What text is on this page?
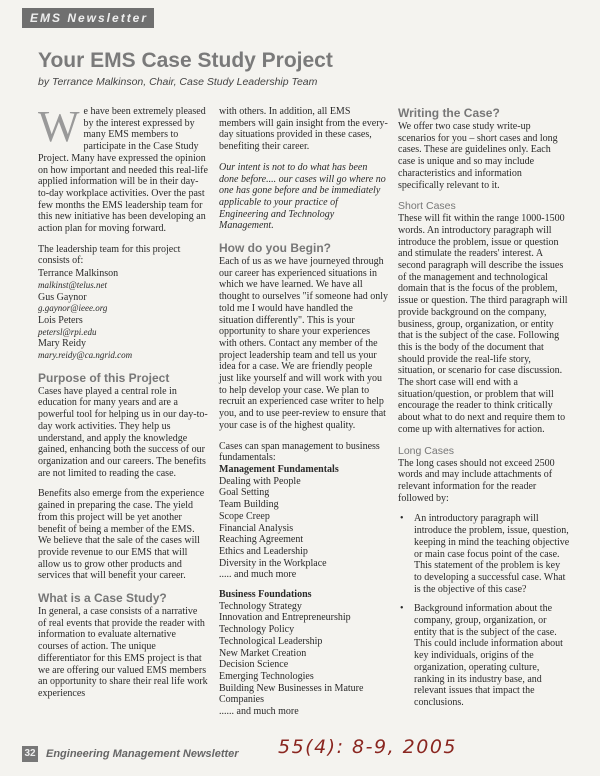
EMS Newsletter
Your EMS Case Study Project
by Terrance Malkinson, Chair, Case Study Leadership Team

We have been extremely pleased by the interest expressed by many EMS members to participate in the Case Study Project. Many have expressed the opinion on how important and needed this real-life applied information will be in their day-to-day workplace activities. Over the past few months the EMS leadership team for this new initiative has been developing an action plan for moving forward.

The leadership team for this project consists of:

Terrance Malkinson
malkinst@telus.net
Gus Gaynor
g.gaynor@ieee.org
Lois Peters
petersl@rpi.edu
Mary Reidy
mary.reidy@ca.ngrid.com
Purpose of this Project

Cases have played a central role in education for many years and are a powerful tool for helping us in our day-to-day work activities. They help us understand, and apply the knowledge gained, enhancing both the success of our organization and our careers. The benefits are not limited to reading the case.

Benefits also emerge from the experience gained in preparing the case. The yield from this project will be yet another benefit of being a member of the EMS. We believe that the sale of the cases will provide revenue to our EMS that will allow us to grow other products and services that will benefit your career.

What is a Case Study?

In general, a case consists of a narrative of real events that provide the reader with information to evaluate alternative courses of action. The unique differentiator for this EMS project is that we are offering our valued EMS members an opportunity to share their real life work experiences

with others. In addition, all EMS members will gain insight from the every-day situations provided in these cases, benefiting their career.

Our intent is not to do what has been done before.... our cases will go where no one has gone before and be immediately applicable to your practice of Engineering and Technology Management.

How do you Begin?

Each of us as we have journeyed through our career has experienced situations in which we have learned. We have all thought to ourselves "if someone had only told me I would have handled the situation differently". This is your opportunity to share your experiences with others. Contact any member of the project leadership team and tell us your idea for a case. We are friendly people just like yourself and will work with you to help develop your case. We plan to recruit an experienced case writer to help you, and to use peer-review to ensure that your case is of the highest quality.

Cases can span management to business fundamentals:

Management Fundamentals
Dealing with People
Goal Setting
Team Building
Scope Creep
Financial Analysis
Reaching Agreement
Ethics and Leadership
Diversity in the Workplace
..... and much more
Business Foundations
Technology Strategy
Innovation and Entrepreneurship
Technology Policy
Technological Leadership
New Market Creation
Decision Science
Emerging Technologies
Building New Businesses in Mature Companies
...... and much more
Writing the Case?

We offer two case study write-up scenarios for you – short cases and long cases. These are guidelines only. Each case is unique and so may include characteristics and information specifically relevant to it.

Short Cases

These will fit within the range 1000-1500 words. An introductory paragraph will introduce the problem, issue or question and stimulate the readers' interest. A second paragraph will describe the issues of the management and technological domain that is the focus of the problem, issue or question. The third paragraph will provide background on the company, business, group, organization, or entity that is the subject of the case. Following this is the body of the document that should provide the real-life story, situation, or scenario for case discussion. The short case will end with a situation/question, or problem that will encourage the reader to think critically about what to do next and require them to come up with alternatives for action.

Long Cases

The long cases should not exceed 2500 words and may include attachments of relevant information for the reader followed by:

• An introductory paragraph will introduce the problem, issue, question, keeping in mind the teaching objective or main case focus point of the case. This statement of the problem is key to developing a successful case. What is the objective of this case?
• Background information about the company, group, organization, or entity that is the subject of the case. This could include information about key individuals, origins of the organization, operating culture, ranking in its industry base, and relevant issues that impact the conclusions.
32 Engineering Management Newsletter 55(4): 8-9, 2005
